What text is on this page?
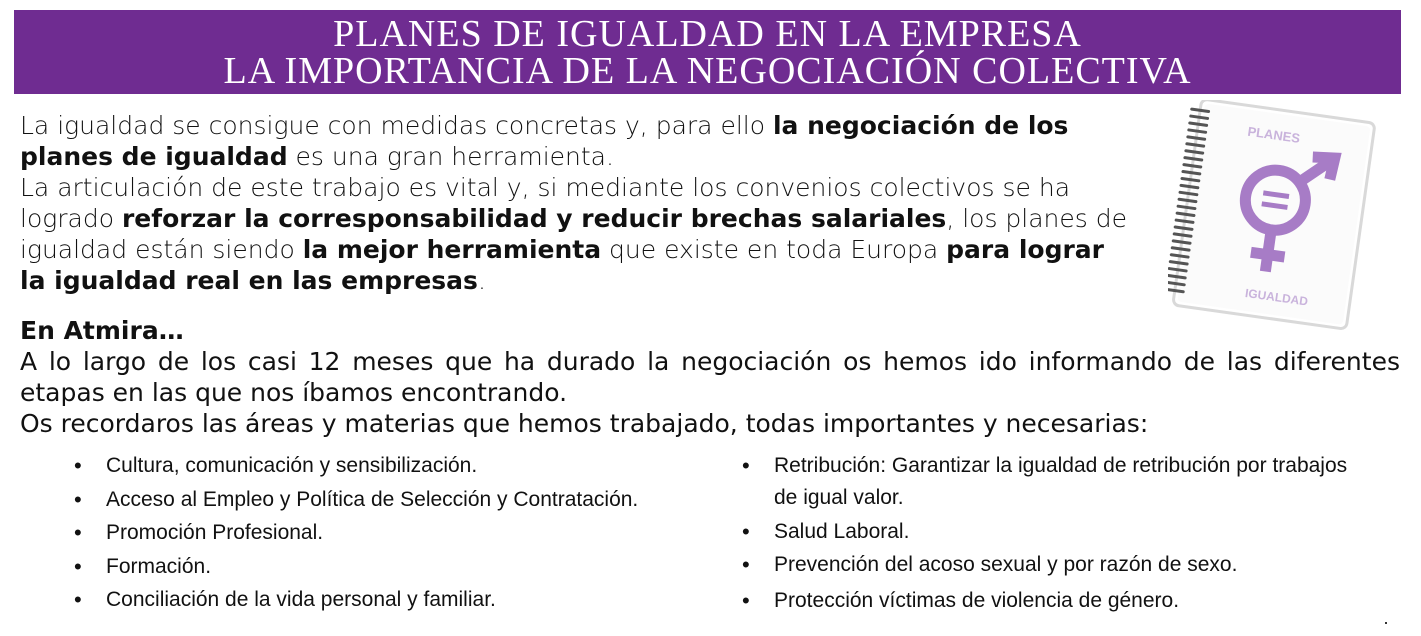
PLANES DE IGUALDAD EN LA EMPRESA
LA IMPORTANCIA DE LA NEGOCIACIÓN COLECTIVA

La igualdad se consigue con medidas concretas y, para ello la negociación de los planes de igualdad es una gran herramienta.

La articulación de este trabajo es vital y, si mediante los convenios colectivos se ha logrado reforzar la corresponsabilidad y reducir brechas salariales, los planes de igualdad están siendo la mejor herramienta que existe en toda Europa para lograr la igualdad real en las empresas.

PLANES
IGUALDAD

En Atmira…

A lo largo de los casi 12 meses que ha durado la negociación os hemos ido informando de las diferentes etapas en las que nos íbamos encontrando.

Os recordaros las áreas y materias que hemos trabajado, todas importantes y necesarias:

• Cultura, comunicación y sensibilización.
• Acceso al Empleo y Política de Selección y Contratación.
• Promoción Profesional.
• Formación.
• Conciliación de la vida personal y familiar.
• Retribución: Garantizar la igualdad de retribución por trabajos de igual valor.
• Salud Laboral.
• Prevención del acoso sexual y por razón de sexo.
• Protección víctimas de violencia de género.
